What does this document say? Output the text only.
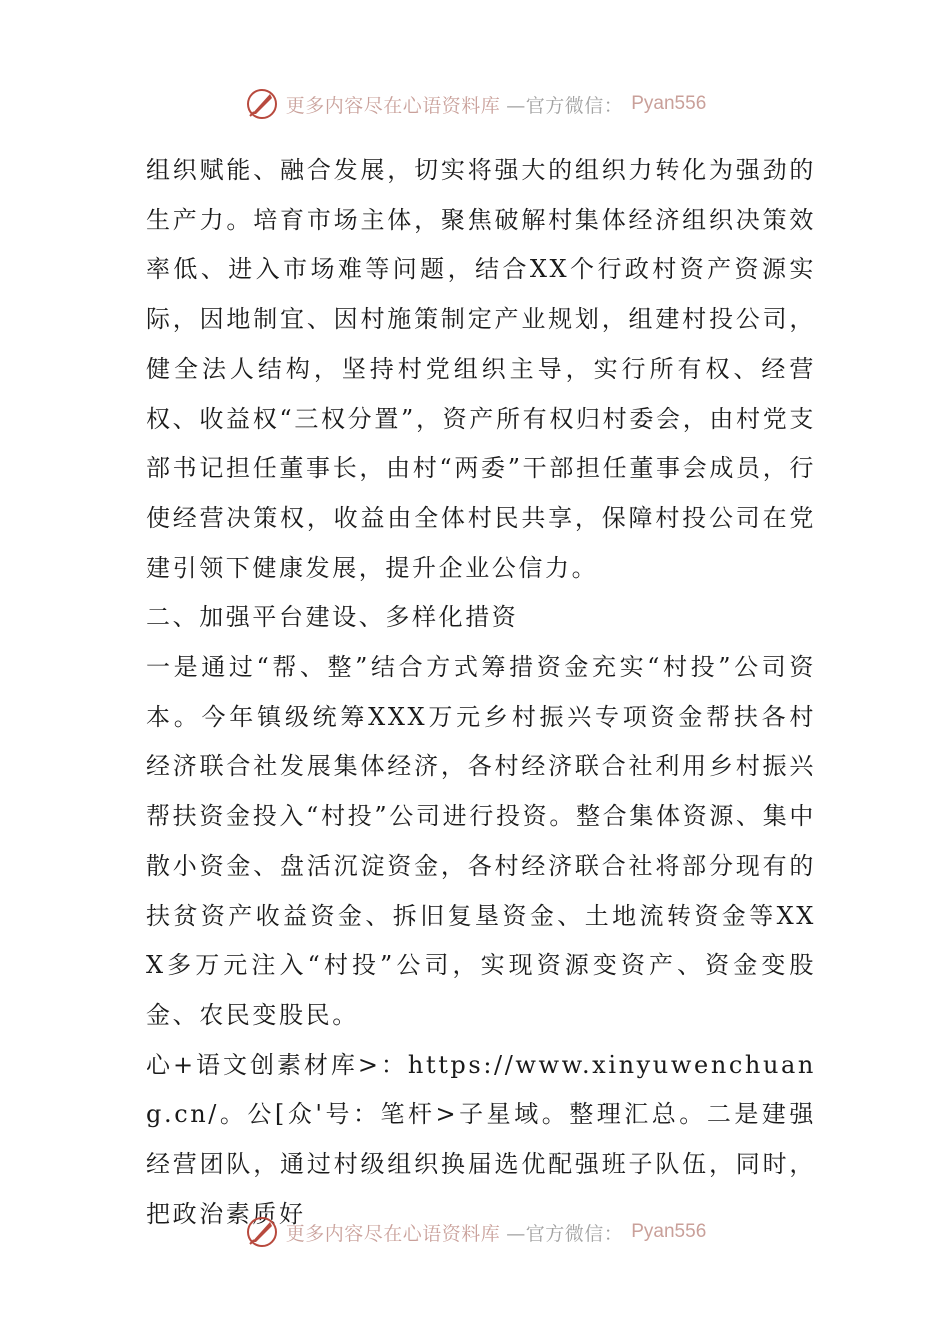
更多内容尽在心语资料库 —官方微信： Pyan556

组织赋能、融合发展，切实将强大的组织力转化为强劲的生产力。培育市场主体，聚焦破解村集体经济组织决策效率低、进入市场难等问题，结合XX个行政村资产资源实际，因地制宜、因村施策制定产业规划，组建村投公司，健全法人结构，坚持村党组织主导，实行所有权、经营权、收益权“三权分置”，资产所有权归村委会，由村党支部书记担任董事长，由村“两委”干部担任董事会成员，行使经营决策权，收益由全体村民共享，保障村投公司在党建引领下健康发展，提升企业公信力。

二、加强平台建设、多样化措资

一是通过“帮、整”结合方式筹措资金充实“村投”公司资本。今年镇级统筹XXX万元乡村振兴专项资金帮扶各村经济联合社发展集体经济，各村经济联合社利用乡村振兴帮扶资金投入“村投”公司进行投资。整合集体资源、集中散小资金、盘活沉淀资金，各村经济联合社将部分现有的扶贫资产收益资金、拆旧复垦资金、土地流转资金等XXX多万元注入“村投”公司，实现资源变资产、资金变股金、农民变股民。

心+语文创素材库>：https://www.xinyuwenchuang.cn/。公[众'号：笔杆>子星域。整理汇总。二是建强经营团队，通过村级组织换届选优配强班子队伍，同时，把政治素质好

更多内容尽在心语资料库 —官方微信： Pyan556
